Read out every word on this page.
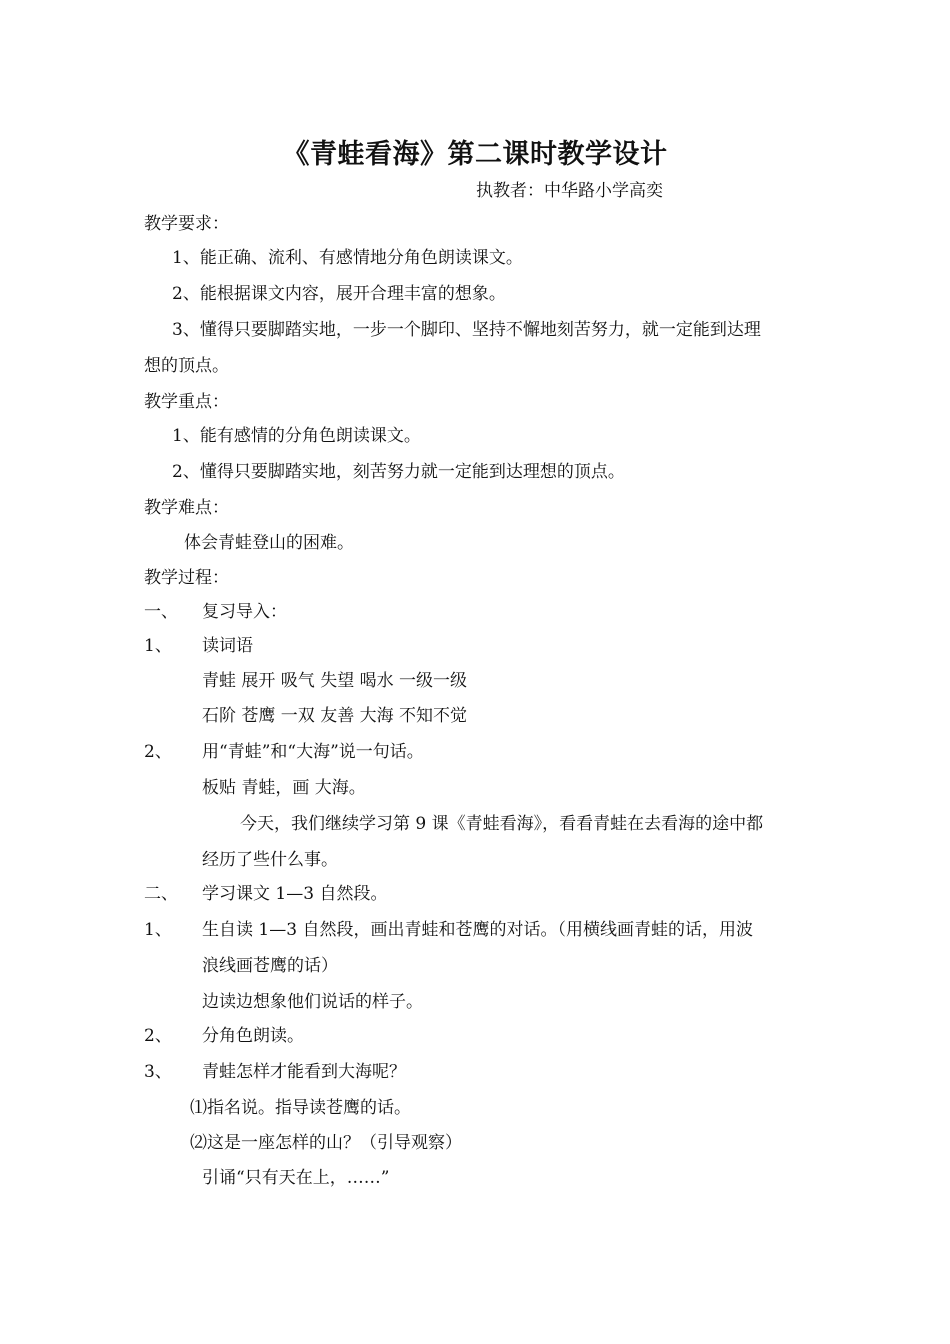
《青蛙看海》第二课时教学设计
执教者：中华路小学高奕
教学要求：
1、能正确、流利、有感情地分角色朗读课文。
2、能根据课文内容，展开合理丰富的想象。
3、懂得只要脚踏实地，一步一个脚印、坚持不懈地刻苦努力，就一定能到达理
想的顶点。
教学重点：
1、能有感情的分角色朗读课文。
2、懂得只要脚踏实地，刻苦努力就一定能到达理想的顶点。
教学难点：
体会青蛙登山的困难。
教学过程：
一、 复习导入：
1、 读词语
青蛙 展开 吸气 失望 喝水 一级一级
石阶 苍鹰 一双 友善 大海 不知不觉
2、 用“青蛙”和“大海”说一句话。
板贴 青蛙，画 大海。
今天，我们继续学习第 9 课《青蛙看海》，看看青蛙在去看海的途中都
经历了些什么事。
二、 学习课文 1—3 自然段。
1、 生自读 1—3 自然段，画出青蛙和苍鹰的对话。（用横线画青蛙的话，用波
浪线画苍鹰的话）
边读边想象他们说话的样子。
2、 分角色朗读。
3、 青蛙怎样才能看到大海呢？
⑴指名说。指导读苍鹰的话。
⑵这是一座怎样的山？（引导观察）
引诵“只有天在上，……”
